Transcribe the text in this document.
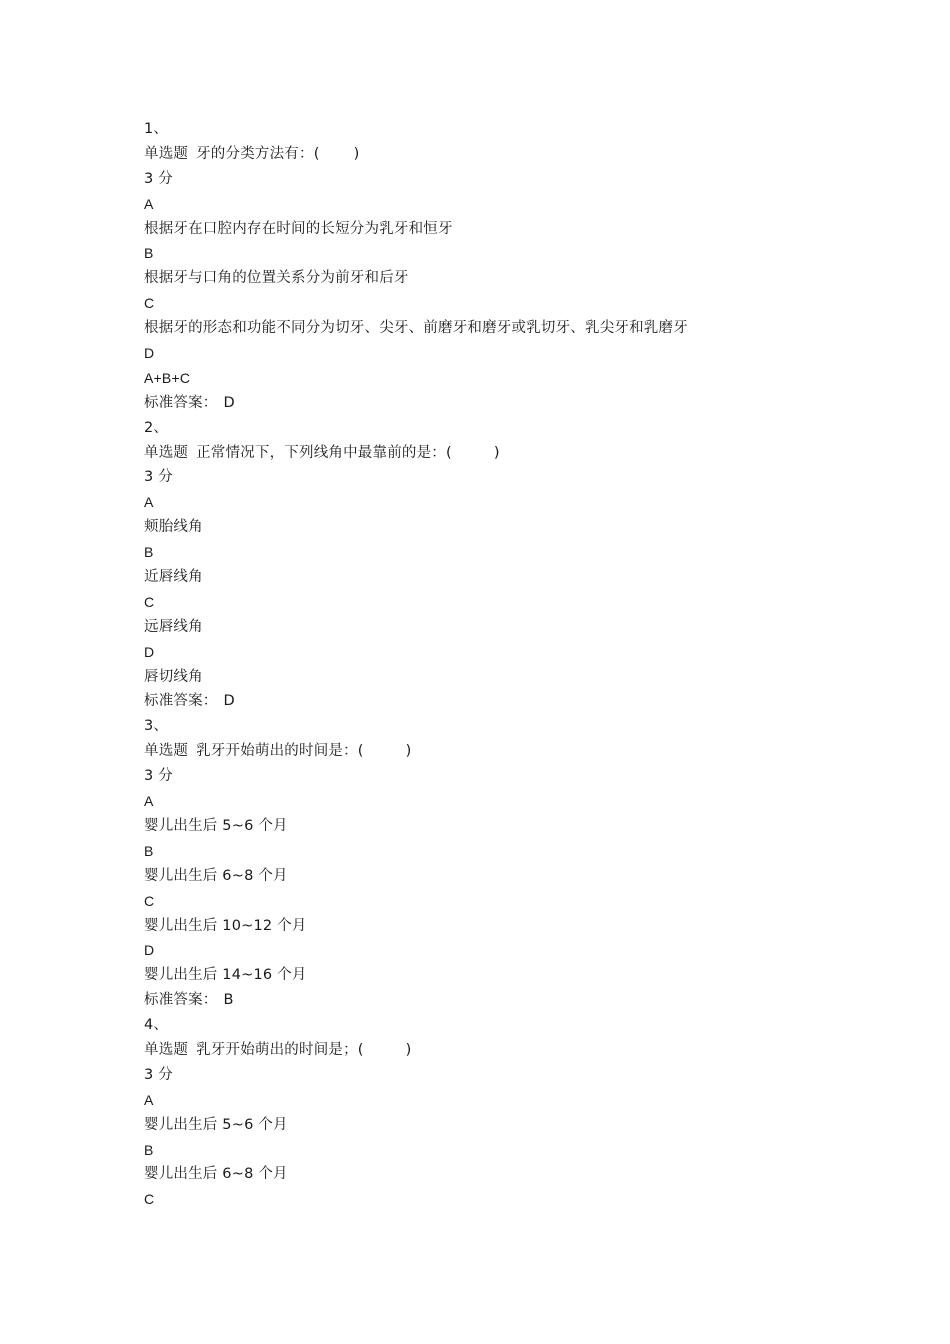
1、
单选题 牙的分类方法有：( )
3 分
A
根据牙在口腔内存在时间的长短分为乳牙和恒牙
B
根据牙与口角的位置关系分为前牙和后牙
C
根据牙的形态和功能不同分为切牙、尖牙、前磨牙和磨牙或乳切牙、乳尖牙和乳磨牙
D
A+B+C
标准答案： D
2、
单选题 正常情况下，下列线角中最靠前的是：(	)
3 分
A
颊胎线角
B
近唇线角
C
远唇线角
D
唇切线角
标准答案： D
3、
单选题 乳牙开始萌出的时间是：(	)
3 分
A
婴儿出生后 5~6 个月
B
婴儿出生后 6~8 个月
C
婴儿出生后 10~12 个月
D
婴儿出生后 14~16 个月
标准答案： B
4、
单选题 乳牙开始萌出的时间是；(	)
3 分
A
婴儿出生后 5~6 个月
B
婴儿出生后 6~8 个月
C
